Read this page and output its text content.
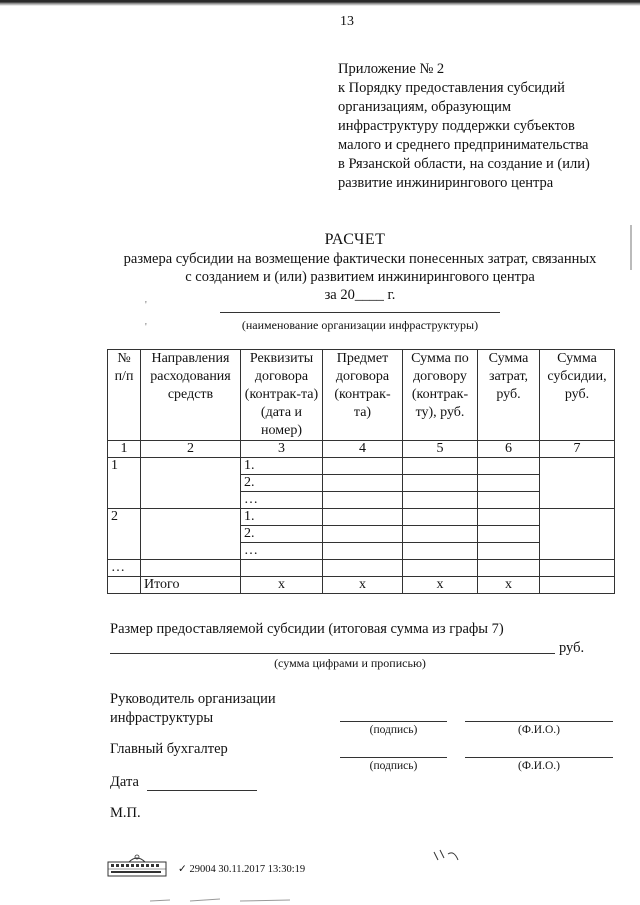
13
Приложение № 2
к Порядку предоставления субсидий
организациям, образующим
инфраструктуру поддержки субъектов
малого и среднего предпринимательства
в Рязанской области, на создание и (или)
развитие инжинирингового центра
РАСЧЕТ
размера субсидии на возмещение фактически понесенных затрат, связанных
с созданием и (или) развитием инжинирингового центра
за 20____ г.
'
'	(наименование организации инфраструктуры)
№ п/п	Направления расходования средств	Реквизиты договора (контрак-та) (дата и номер)	Предмет договора (контрак-та)	Сумма по договору (контрак-ту), руб.	Сумма затрат, руб.	Сумма субсидии, руб.
1	2	3	4	5	6	7
1		1.				
		2.				
		…				
2		1.				
		2.				
		…				
…						
	Итого	x	x	x	x	
Размер предоставляемой субсидии (итоговая сумма из графы 7)
руб.
(сумма цифрами и прописью)
Руководитель организации
инфраструктуры
(подпись)	(Ф.И.О.)
Главный бухгалтер
(подпись)	(Ф.И.О.)
Дата
М.П.
✓ 29004 30.11.2017 13:30:19
